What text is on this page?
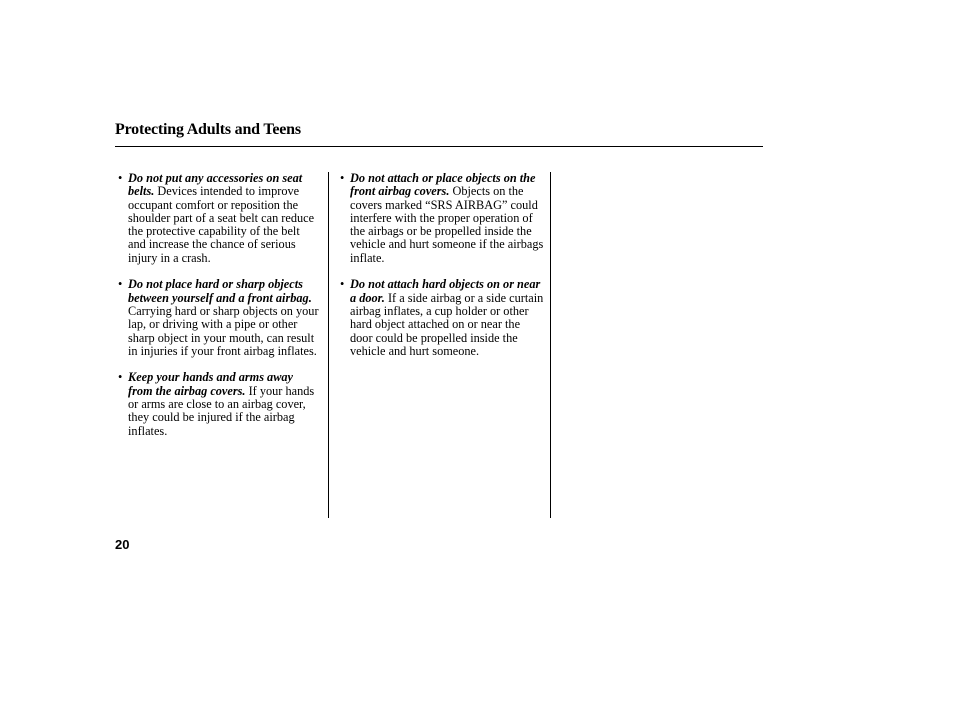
Protecting Adults and Teens
• Do not put any accessories on seat belts. Devices intended to improve occupant comfort or reposition the shoulder part of a seat belt can reduce the protective capability of the belt and increase the chance of serious injury in a crash.
• Do not place hard or sharp objects between yourself and a front airbag. Carrying hard or sharp objects on your lap, or driving with a pipe or other sharp object in your mouth, can result in injuries if your front airbag inflates.
• Keep your hands and arms away from the airbag covers. If your hands or arms are close to an airbag cover, they could be injured if the airbag inflates.
• Do not attach or place objects on the front airbag covers. Objects on the covers marked “SRS AIRBAG” could interfere with the proper operation of the airbags or be propelled inside the vehicle and hurt someone if the airbags inflate.
• Do not attach hard objects on or near a door. If a side airbag or a side curtain airbag inflates, a cup holder or other hard object attached on or near the door could be propelled inside the vehicle and hurt someone.
20
